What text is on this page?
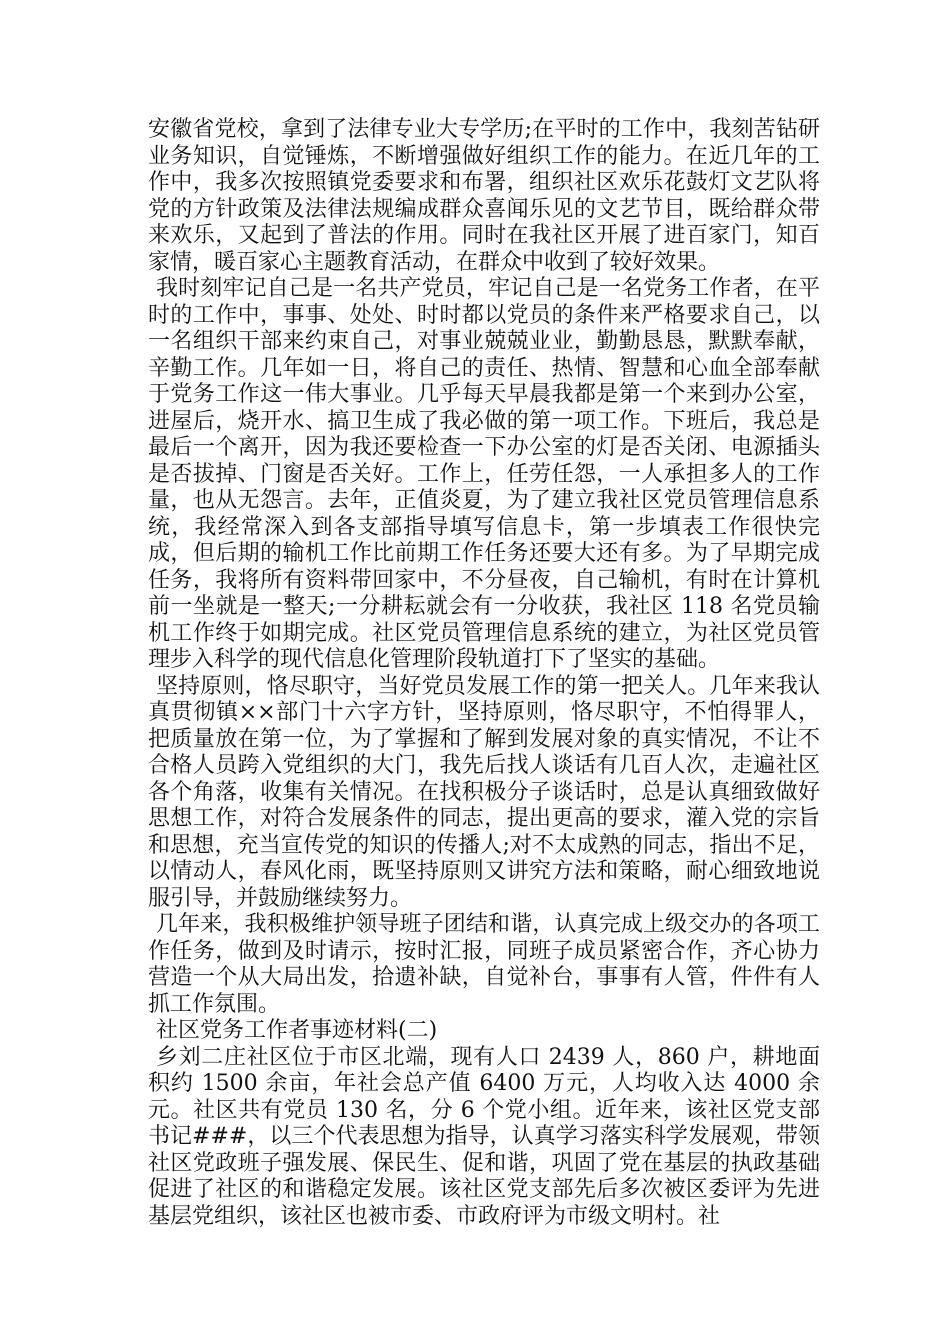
安徽省党校，拿到了法律专业大专学历;在平时的工作中，我刻苦钻研业务知识，自觉锤炼，不断增强做好组织工作的能力。在近几年的工作中，我多次按照镇党委要求和布署，组织社区欢乐花鼓灯文艺队将党的方针政策及法律法规编成群众喜闻乐见的文艺节目，既给群众带来欢乐，又起到了普法的作用。同时在我社区开展了进百家门，知百家情，暖百家心主题教育活动，在群众中收到了较好效果。

我时刻牢记自己是一名共产党员，牢记自己是一名党务工作者，在平时的工作中，事事、处处、时时都以党员的条件来严格要求自己，以一名组织干部来约束自己，对事业兢兢业业，勤勤恳恳，默默奉献，辛勤工作。几年如一日，将自己的责任、热情、智慧和心血全部奉献于党务工作这一伟大事业。几乎每天早晨我都是第一个来到办公室，进屋后，烧开水、搞卫生成了我必做的第一项工作。下班后，我总是最后一个离开，因为我还要检查一下办公室的灯是否关闭、电源插头是否拔掉、门窗是否关好。工作上，任劳任怨，一人承担多人的工作量，也从无怨言。去年，正值炎夏，为了建立我社区党员管理信息系统，我经常深入到各支部指导填写信息卡，第一步填表工作很快完成，但后期的输机工作比前期工作任务还要大还有多。为了早期完成任务，我将所有资料带回家中，不分昼夜，自己输机，有时在计算机前一坐就是一整天;一分耕耘就会有一分收获，我社区 118 名党员输机工作终于如期完成。社区党员管理信息系统的建立，为社区党员管理步入科学的现代信息化管理阶段轨道打下了坚实的基础。

坚持原则，恪尽职守，当好党员发展工作的第一把关人。几年来我认真贯彻镇××部门十六字方针，坚持原则，恪尽职守，不怕得罪人，把质量放在第一位，为了掌握和了解到发展对象的真实情况，不让不合格人员跨入党组织的大门，我先后找人谈话有几百人次，走遍社区各个角落，收集有关情况。在找积极分子谈话时，总是认真细致做好思想工作，对符合发展条件的同志，提出更高的要求，灌入党的宗旨和思想，充当宣传党的知识的传播人;对不太成熟的同志，指出不足，以情动人，春风化雨，既坚持原则又讲究方法和策略，耐心细致地说服引导，并鼓励继续努力。

几年来，我积极维护领导班子团结和谐，认真完成上级交办的各项工作任务，做到及时请示，按时汇报，同班子成员紧密合作，齐心协力营造一个从大局出发，拾遗补缺，自觉补台，事事有人管，件件有人抓工作氛围。

社区党务工作者事迹材料(二)

乡刘二庄社区位于市区北端，现有人口 2439 人，860 户，耕地面积约 1500 余亩，年社会总产值 6400 万元，人均收入达 4000 余元。社区共有党员 130 名，分 6 个党小组。近年来，该社区党支部书记###，以三个代表思想为指导，认真学习落实科学发展观，带领社区党政班子强发展、保民生、促和谐，巩固了党在基层的执政基础促进了社区的和谐稳定发展。该社区党支部先后多次被区委评为先进基层党组织，该社区也被市委、市政府评为市级文明村。社
